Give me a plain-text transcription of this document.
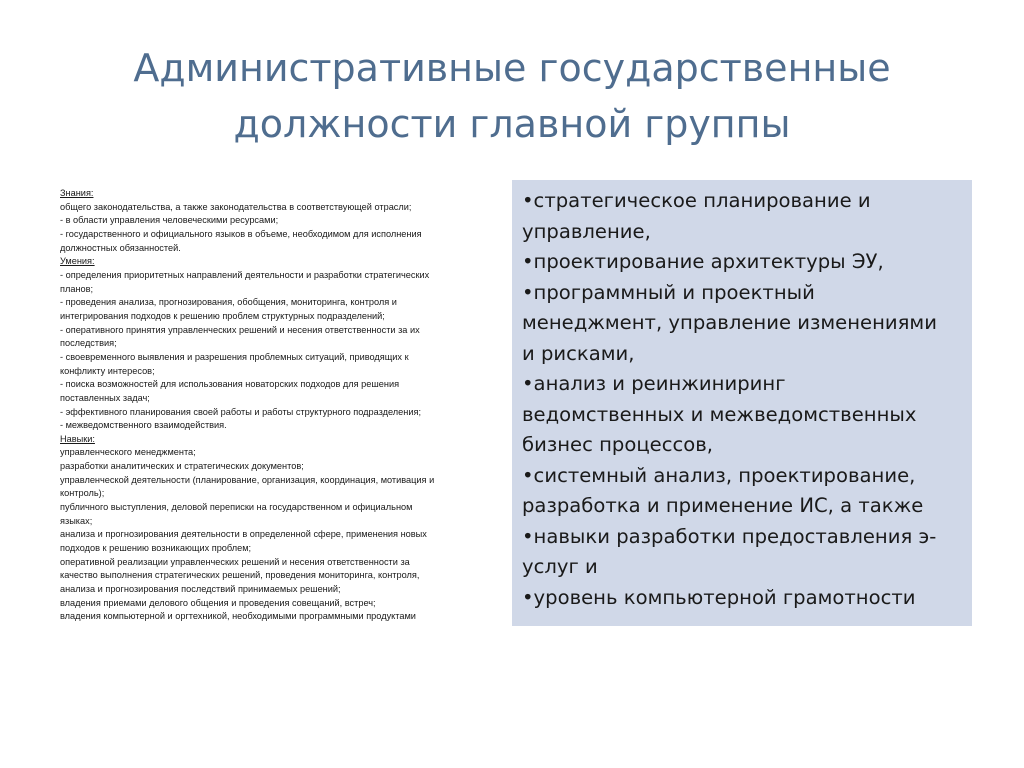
Административные государственные
должности главной группы
Знания:
общего законодательства, а также законодательства в соответствующей отрасли;
- в области управления человеческими ресурсами;
- государственного и официального языков в объеме, необходимом для исполнения
должностных обязанностей.
Умения:
- определения приоритетных направлений деятельности и разработки стратегических
планов;
- проведения анализа, прогнозирования, обобщения, мониторинга, контроля и
интегрирования подходов к решению проблем структурных подразделений;
- оперативного принятия управленческих решений и несения ответственности за их
последствия;
- своевременного выявления и разрешения проблемных ситуаций, приводящих к
конфликту интересов;
- поиска возможностей для использования новаторских подходов для решения
поставленных задач;
- эффективного планирования своей работы и работы структурного подразделения;
- межведомственного взаимодействия.
Навыки:
управленческого менеджмента;
разработки аналитических и стратегических документов;
управленческой деятельности (планирование, организация, координация, мотивация и
контроль);
публичного выступления, деловой переписки на государственном и официальном
языках;
анализа и прогнозирования деятельности в определенной сфере, применения новых
подходов к решению возникающих проблем;
оперативной реализации управленческих решений и несения ответственности за
качество выполнения стратегических решений, проведения мониторинга, контроля,
анализа и прогнозирования последствий принимаемых решений;
владения приемами делового общения и проведения совещаний, встреч;
владения компьютерной и оргтехникой, необходимыми программными продуктами
•стратегическое планирование и
управление,
•проектирование архитектуры ЭУ,
•программный и проектный
менеджмент, управление изменениями
и рисками,
•анализ и реинжиниринг
ведомственных и межведомственных
бизнес процессов,
•системный анализ, проектирование,
разработка и применение ИС, а также
•навыки разработки предоставления э-
услуг и
•уровень компьютерной грамотности
